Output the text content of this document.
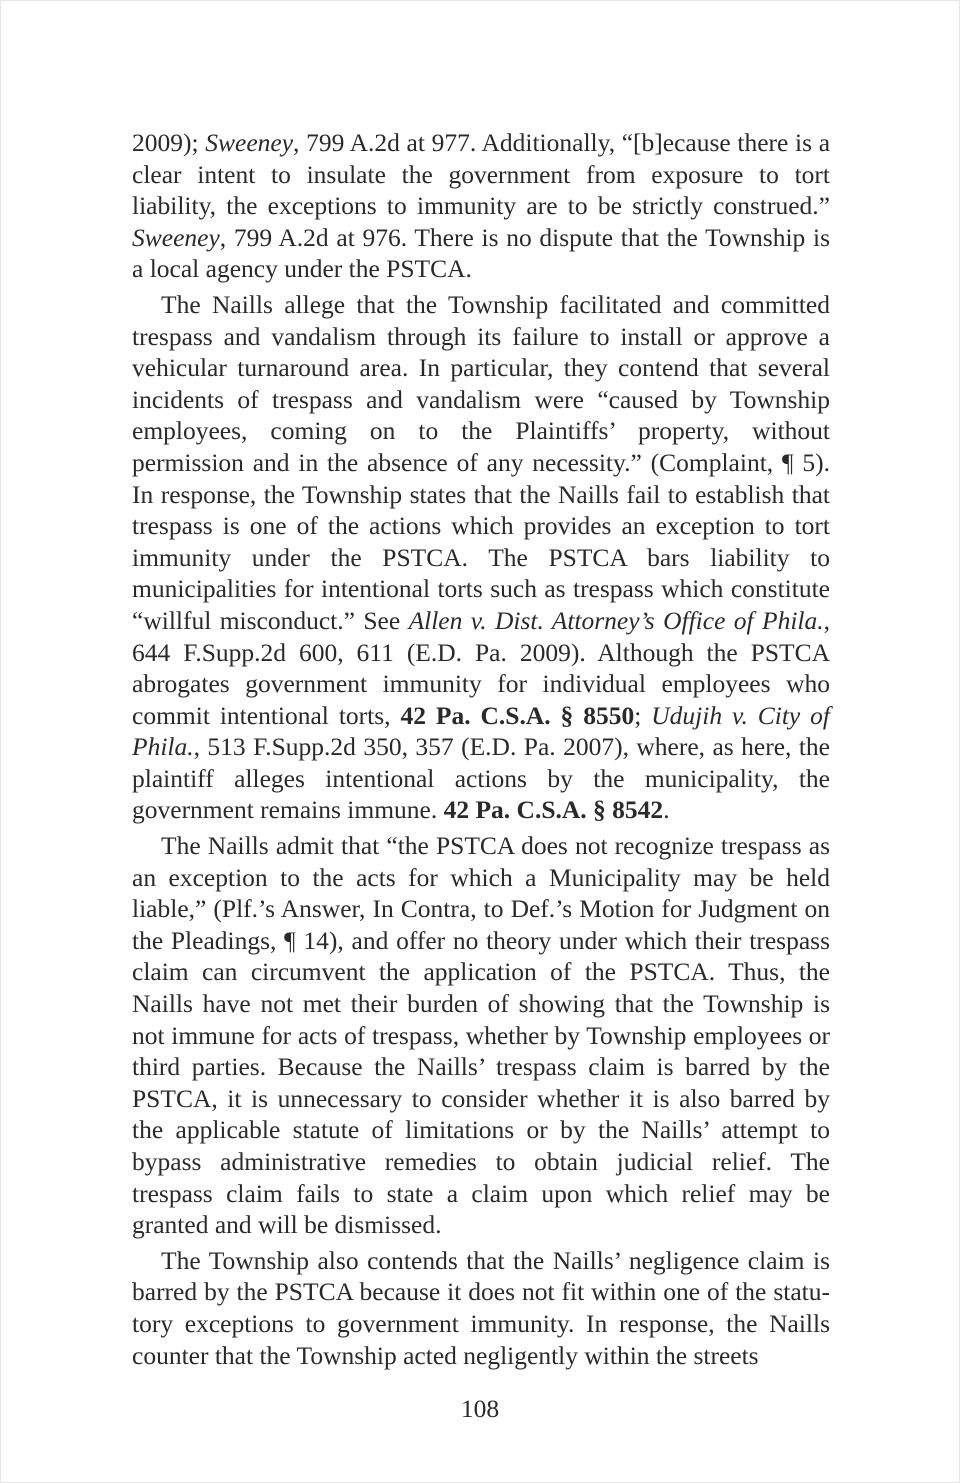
2009); Sweeney, 799 A.2d at 977. Additionally, “[b]ecause there is a clear intent to insulate the government from exposure to tort liability, the exceptions to immunity are to be strictly construed.” Sweeney, 799 A.2d at 976. There is no dispute that the Township is a local agency under the PSTCA.

The Naills allege that the Township facilitated and committed trespass and vandalism through its failure to install or approve a vehicular turnaround area. In particular, they contend that several incidents of trespass and vandalism were “caused by Township employees, coming on to the Plaintiffs’ property, without permission and in the absence of any necessity.” (Complaint, ¶ 5). In response, the Township states that the Naills fail to establish that trespass is one of the actions which provides an exception to tort immunity under the PSTCA. The PSTCA bars liability to municipalities for intentional torts such as trespass which constitute “willful misconduct.” See Allen v. Dist. Attorney’s Office of Phila., 644 F.Supp.2d 600, 611 (E.D. Pa. 2009). Although the PSTCA abrogates government immunity for individual employees who commit intentional torts, 42 Pa. C.S.A. § 8550; Udujih v. City of Phila., 513 F.Supp.2d 350, 357 (E.D. Pa. 2007), where, as here, the plaintiff alleges intentional actions by the municipality, the government remains immune. 42 Pa. C.S.A. § 8542.

The Naills admit that “the PSTCA does not recognize trespass as an exception to the acts for which a Municipality may be held liable,” (Plf.’s Answer, In Contra, to Def.’s Motion for Judgment on the Pleadings, ¶ 14), and offer no theory under which their trespass claim can circumvent the application of the PSTCA. Thus, the Naills have not met their burden of showing that the Township is not immune for acts of trespass, whether by Township employees or third parties. Because the Naills’ trespass claim is barred by the PSTCA, it is unnecessary to consider whether it is also barred by the applicable statute of limitations or by the Naills’ attempt to bypass administrative remedies to obtain judicial relief. The trespass claim fails to state a claim upon which relief may be granted and will be dismissed.

The Township also contends that the Naills’ negligence claim is barred by the PSTCA because it does not fit within one of the statutory exceptions to government immunity. In response, the Naills counter that the Township acted negligently within the streets

108
